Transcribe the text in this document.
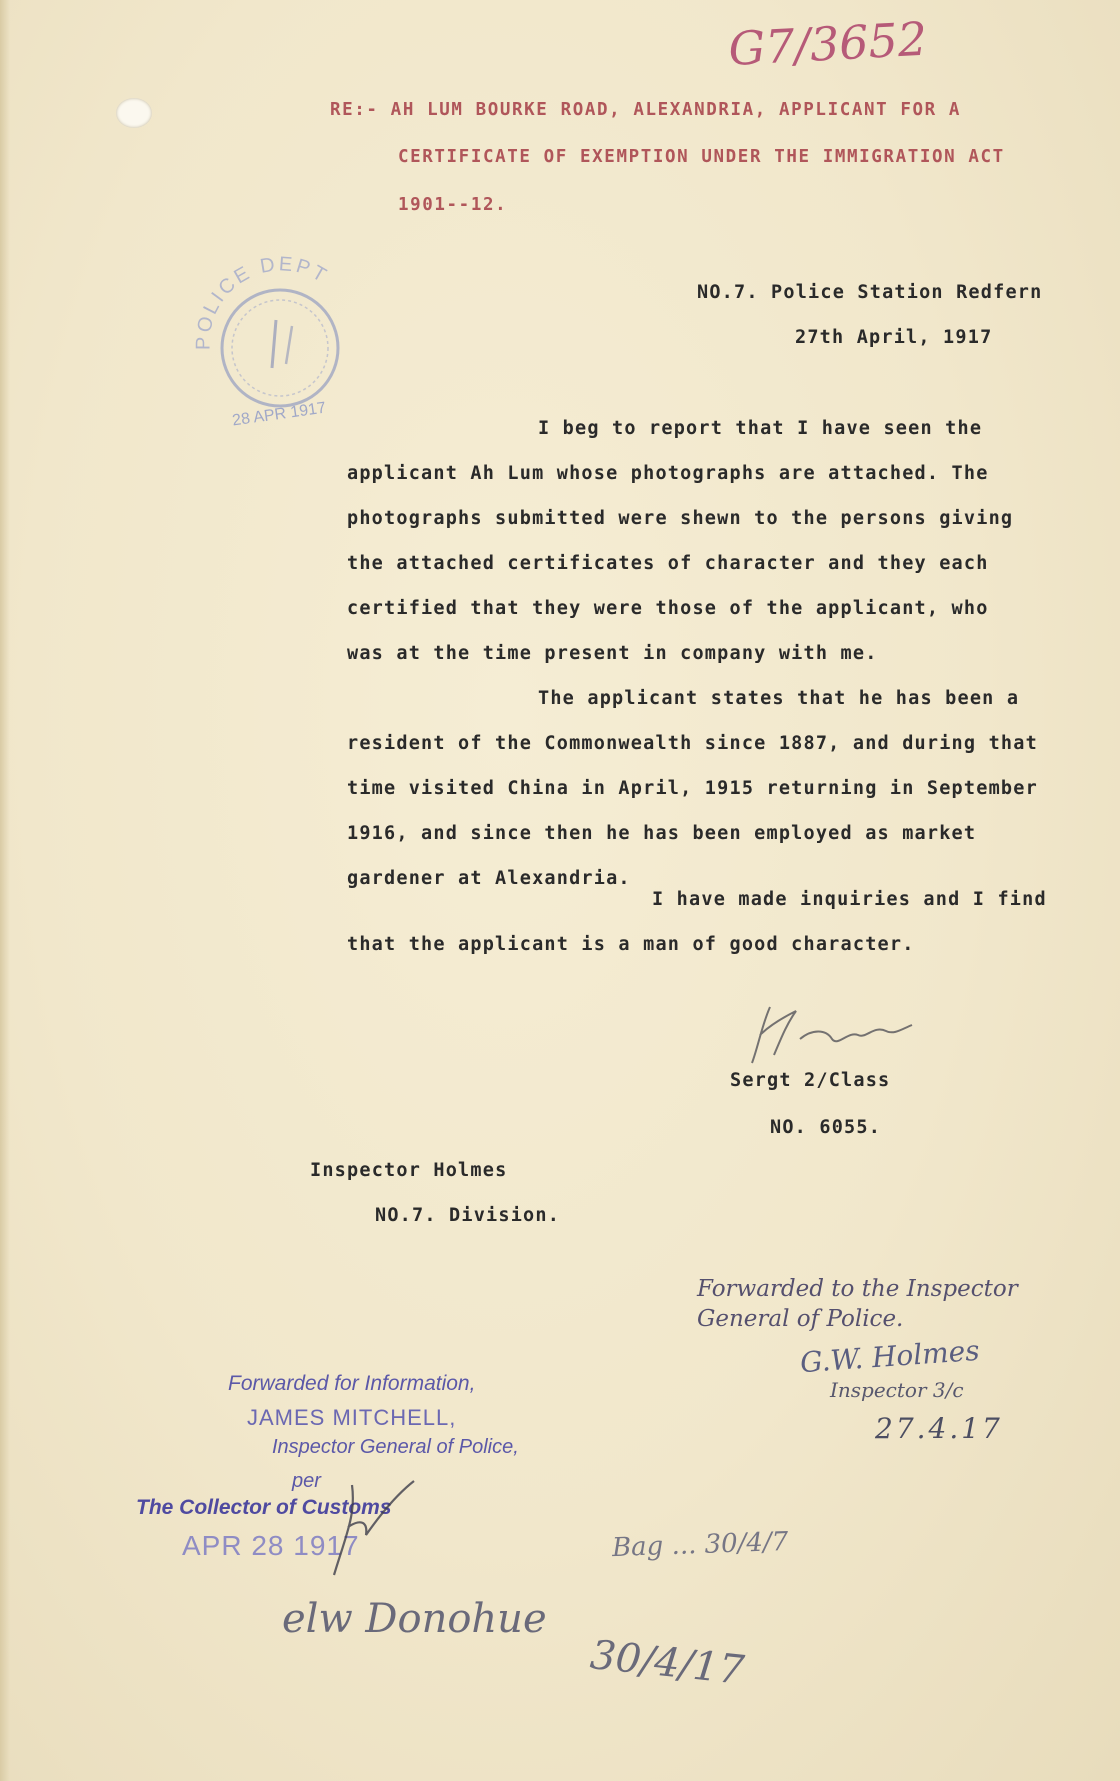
G7/3652
RE:- AH LUM BOURKE ROAD, ALEXANDRIA, APPLICANT FOR A
CERTIFICATE OF EXEMPTION UNDER THE IMMIGRATION ACT
1901--12.
POLICE DEPT
28 APR 1917
NO.7. Police Station Redfern
27th April, 1917
I beg to report that I have seen the
applicant Ah Lum whose photographs are attached. The
photographs submitted were shewn to the persons giving
the attached certificates of character and they each
certified that they were those of the applicant, who
was at the time present in company with me.
The applicant states that he has been a
resident of the Commonwealth since 1887, and during that
time visited China in April, 1915 returning in September
1916, and since then he has been employed as market
gardener at Alexandria.
I have made inquiries and I find
that the applicant is a man of good character.
Sergt 2/Class
NO. 6055.
Inspector Holmes
NO.7. Division.
Forwarded to the Inspector
General of Police.
G.W. Holmes
Inspector 3/c
27.4.17
Forwarded for Information,
JAMES MITCHELL,
Inspector General of Police,
per
The Collector of Customs
APR 28 1917	Bag ... 30/4/7
elw Donohue
30/4/17
